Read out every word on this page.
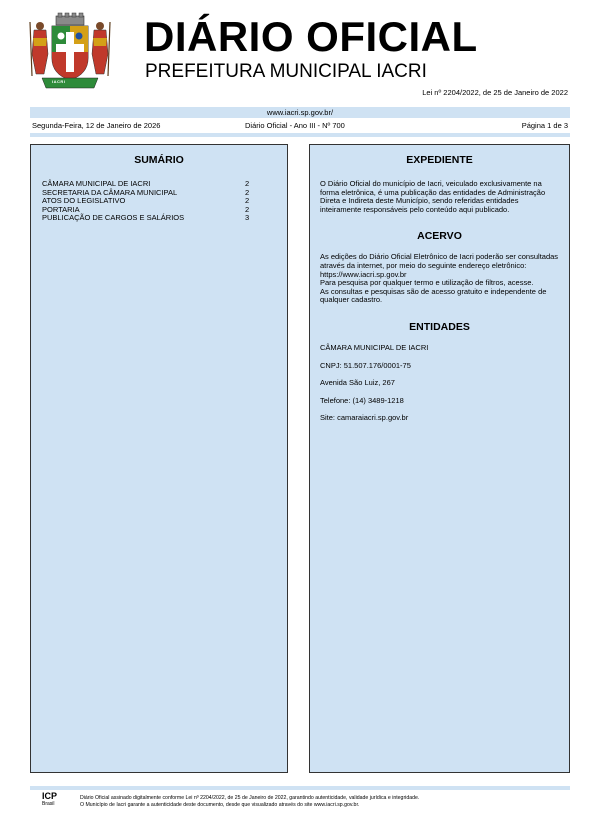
IACRI
DIÁRIO OFICIAL
PREFEITURA MUNICIPAL IACRI
Lei nº 2204/2022, de 25 de Janeiro de 2022
www.iacri.sp.gov.br/
Segunda-Feira, 12 de Janeiro de 2026	Diário Oficial - Ano III - Nº 700	Página 1 de 3
SUMÁRIO
CÂMARA MUNICIPAL DE IACRI	2
SECRETARIA DA CÂMARA MUNICIPAL	2
ATOS DO LEGISLATIVO	2
PORTARIA	2
PUBLICAÇÃO DE CARGOS E SALÁRIOS	3
EXPEDIENTE

O Diário Oficial do município de Iacri, veiculado exclusivamente na forma eletrônica, é uma publicação das entidades de Administração Direta e Indireta deste Município, sendo referidas entidades inteiramente responsáveis pelo conteúdo aqui publicado.

ACERVO

As edições do Diário Oficial Eletrônico de Iacri poderão ser consultadas através da internet, por meio do seguinte endereço eletrônico: https://www.iacri.sp.gov.br

Para pesquisa por qualquer termo e utilização de filtros, acesse.

As consultas e pesquisas são de acesso gratuito e independente de qualquer cadastro.

ENTIDADES

CÂMARA MUNICIPAL DE IACRI

CNPJ: 51.507.176/0001-75

Avenida São Luiz, 267

Telefone: (14) 3489-1218

Site: camaraiacri.sp.gov.br

ICP
Brasil
Diário Oficial assinado digitalmente conforme Lei nº 2204/2022, de 25 de Janeiro de 2022, garantindo autenticidade, validade jurídica e integridade.
O Município de Iacri garante a autenticidade deste documento, desde que visualizado através do site www.iacri.sp.gov.br.
